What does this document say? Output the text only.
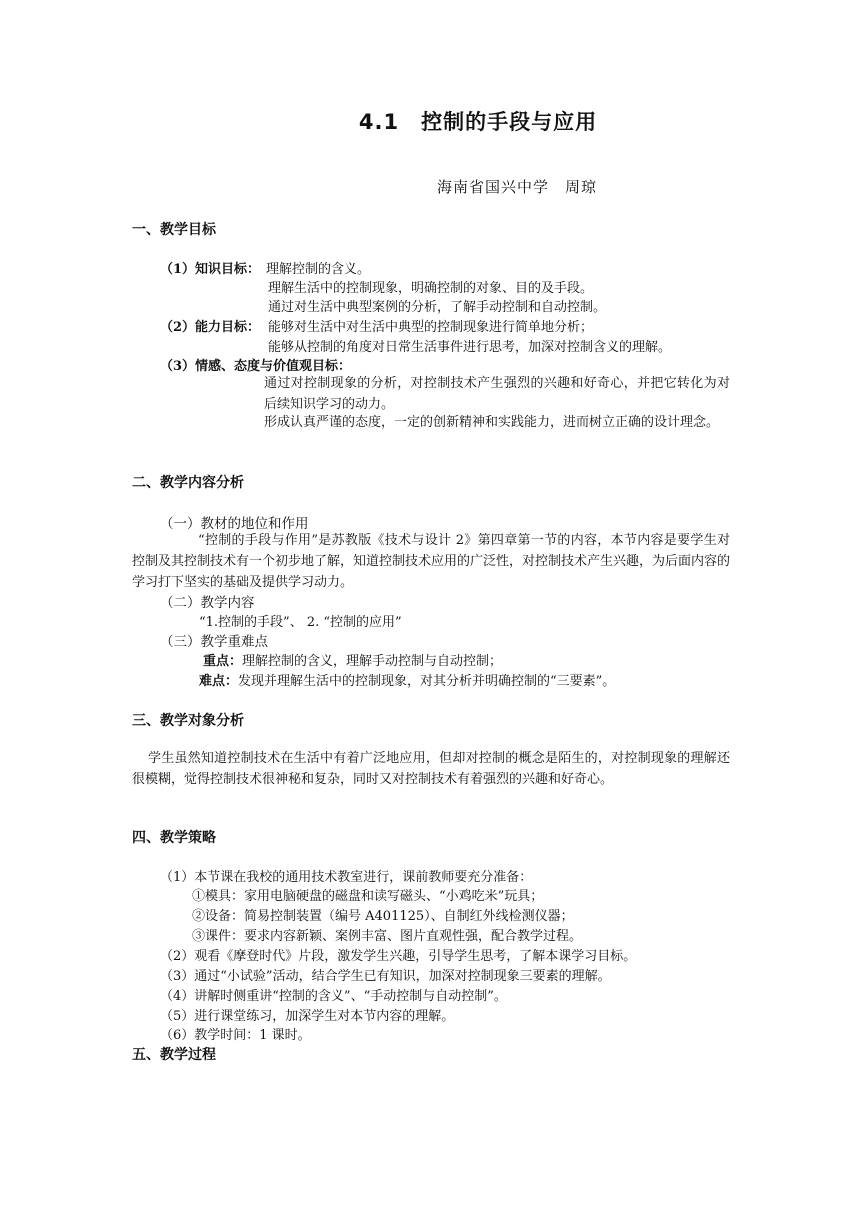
4.1　控制的手段与应用
海南省国兴中学　周琼
一、教学目标
（1）知识目标： 理解控制的含义。
理解生活中的控制现象，明确控制的对象、目的及手段。
通过对生活中典型案例的分析，了解手动控制和自动控制。
（2）能力目标： 能够对生活中对生活中典型的控制现象进行简单地分析；
能够从控制的角度对日常生活事件进行思考，加深对控制含义的理解。
（3）情感、态度与价值观目标：
通过对控制现象的分析，对控制技术产生强烈的兴趣和好奇心，并把它转化为对后续知识学习的动力。
形成认真严谨的态度，一定的创新精神和实践能力，进而树立正确的设计理念。
二、教学内容分析
（一）教材的地位和作用
“控制的手段与作用”是苏教版《技术与设计 2》第四章第一节的内容，本节内容是要学生对控制及其控制技术有一个初步地了解，知道控制技术应用的广泛性，对控制技术产生兴趣，为后面内容的学习打下坚实的基础及提供学习动力。
（二）教学内容
“1.控制的手段”、 2. “控制的应用”
（三）教学重难点
重点：理解控制的含义，理解手动控制与自动控制；
难点：发现并理解生活中的控制现象，对其分析并明确控制的“三要素”。
三、教学对象分析
学生虽然知道控制技术在生活中有着广泛地应用，但却对控制的概念是陌生的，对控制现象的理解还很模糊，觉得控制技术很神秘和复杂，同时又对控制技术有着强烈的兴趣和好奇心。
四、教学策略
（1）本节课在我校的通用技术教室进行，课前教师要充分准备：
①模具：家用电脑硬盘的磁盘和读写磁头、“小鸡吃米”玩具；
②设备：简易控制装置（编号 A401125）、自制红外线检测仪器；
③课件：要求内容新颖、案例丰富、图片直观性强，配合教学过程。
（2）观看《摩登时代》片段，激发学生兴趣，引导学生思考，了解本课学习目标。
（3）通过“小试验”活动，结合学生已有知识，加深对控制现象三要素的理解。
（4）讲解时侧重讲“控制的含义”、“手动控制与自动控制”。
（5）进行课堂练习，加深学生对本节内容的理解。
（6）教学时间：1 课时。
五、教学过程
